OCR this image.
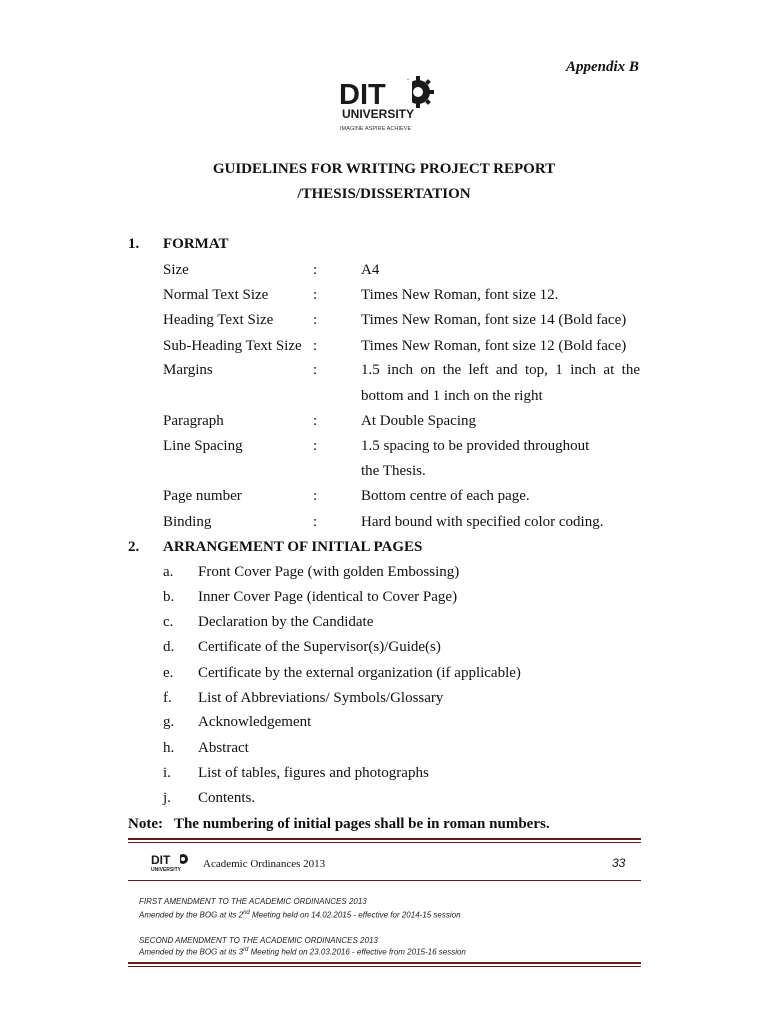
Appendix B
DIT
UNIVERSITY
IMAGINE ASPIRE ACHIEVE
GUIDELINES FOR WRITING PROJECT REPORT
/THESIS/DISSERTATION
1. FORMAT
Size	:	A4
Normal Text Size	:	Times New Roman, font size 12.
Heading Text Size	:	Times New Roman, font size 14 (Bold face)
Sub-Heading Text Size :	Times New Roman, font size 12 (Bold face)
Margins	:	1.5 inch on the left and top, 1 inch at the
bottom and 1 inch on the right
Paragraph	:	At Double Spacing
Line Spacing	:	1.5 spacing to be provided throughout
the Thesis.
Page number	:	Bottom centre of each page.
Binding	:	Hard bound with specified color coding.
2. ARRANGEMENT OF INITIAL PAGES
a. Front Cover Page (with golden Embossing)
b. Inner Cover Page (identical to Cover Page)
c. Declaration by the Candidate
d. Certificate of the Supervisor(s)/Guide(s)
e. Certificate by the external organization (if applicable)
f. List of Abbreviations/ Symbols/Glossary
g. Acknowledgement
h. Abstract
i. List of tables, figures and photographs
j. Contents.
Note:   The numbering of initial pages shall be in roman numbers.
DIT
UNIVERSITY Academic Ordinances 2013	33
FIRST AMENDMENT TO THE ACADEMIC ORDINANCES 2013
Amended by the BOG at its 2nd Meeting held on 14.02.2015 - effective for 2014-15 session
SECOND AMENDMENT TO THE ACADEMIC ORDINANCES 2013
Amended by the BOG at its 3rd Meeting held on 23.03.2016 - effective from 2015-16 session
